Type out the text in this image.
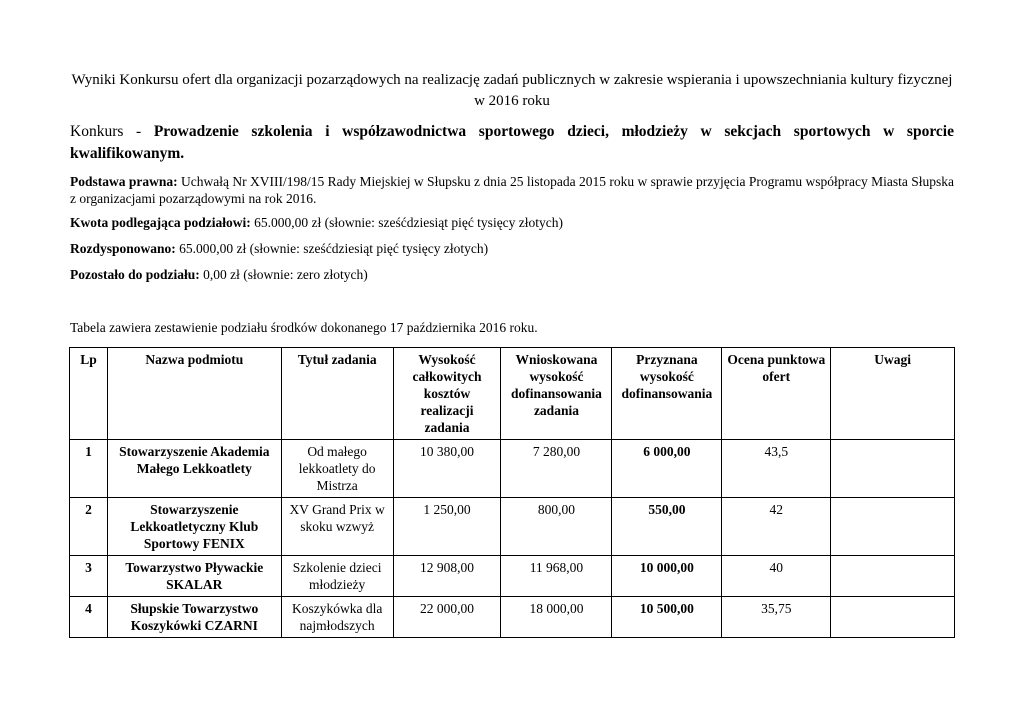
Wyniki Konkursu ofert dla organizacji pozarządowych na realizację zadań publicznych w zakresie wspierania i upowszechniania kultury fizycznej w 2016 roku
Konkurs - Prowadzenie szkolenia i współzawodnictwa sportowego dzieci, młodzieży w sekcjach sportowych w sporcie kwalifikowanym.
Podstawa prawna: Uchwałą Nr XVIII/198/15 Rady Miejskiej w Słupsku z dnia 25 listopada 2015 roku w sprawie przyjęcia Programu współpracy Miasta Słupska z organizacjami pozarządowymi na rok 2016.
Kwota podlegająca podziałowi: 65.000,00 zł (słownie: sześćdziesiąt pięć tysięcy złotych)
Rozdysponowano: 65.000,00 zł (słownie: sześćdziesiąt pięć tysięcy złotych)
Pozostało do podziału: 0,00 zł (słownie: zero złotych)
Tabela zawiera zestawienie podziału środków dokonanego 17 października 2016 roku.
Lp	Nazwa podmiotu	Tytuł zadania	Wysokość całkowitych kosztów realizacji zadania	Wnioskowana wysokość dofinansowania zadania	Przyznana wysokość dofinansowania	Ocena punktowa ofert	Uwagi
1	Stowarzyszenie Akademia Małego Lekkoatlety	Od małego lekkoatlety do Mistrza	10 380,00	7 280,00	6 000,00	43,5	
2	Stowarzyszenie Lekkoatletyczny Klub Sportowy FENIX	XV Grand Prix w skoku wzwyż	1 250,00	800,00	550,00	42	
3	Towarzystwo Pływackie SKALAR	Szkolenie dzieci młodzieży	12 908,00	11 968,00	10 000,00	40	
4	Słupskie Towarzystwo Koszykówki CZARNI	Koszykówka dla najmłodszych	22 000,00	18 000,00	10 500,00	35,75	
